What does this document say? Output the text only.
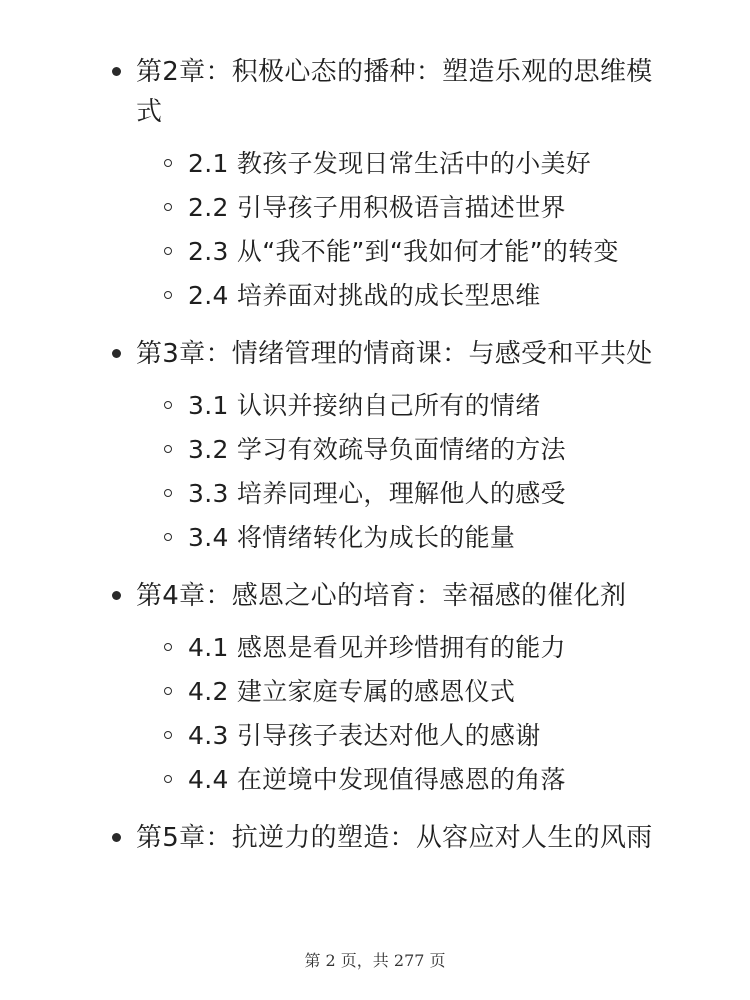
第2章：积极心态的播种：塑造乐观的思维模式
2.1 教孩子发现日常生活中的小美好
2.2 引导孩子用积极语言描述世界
2.3 从“我不能”到“我如何才能”的转变
2.4 培养面对挑战的成长型思维
第3章：情绪管理的情商课：与感受和平共处
3.1 认识并接纳自己所有的情绪
3.2 学习有效疏导负面情绪的方法
3.3 培养同理心，理解他人的感受
3.4 将情绪转化为成长的能量
第4章：感恩之心的培育：幸福感的催化剂
4.1 感恩是看见并珍惜拥有的能力
4.2 建立家庭专属的感恩仪式
4.3 引导孩子表达对他人的感谢
4.4 在逆境中发现值得感恩的角落
第5章：抗逆力的塑造：从容应对人生的风雨
第 2 页，共 277 页
